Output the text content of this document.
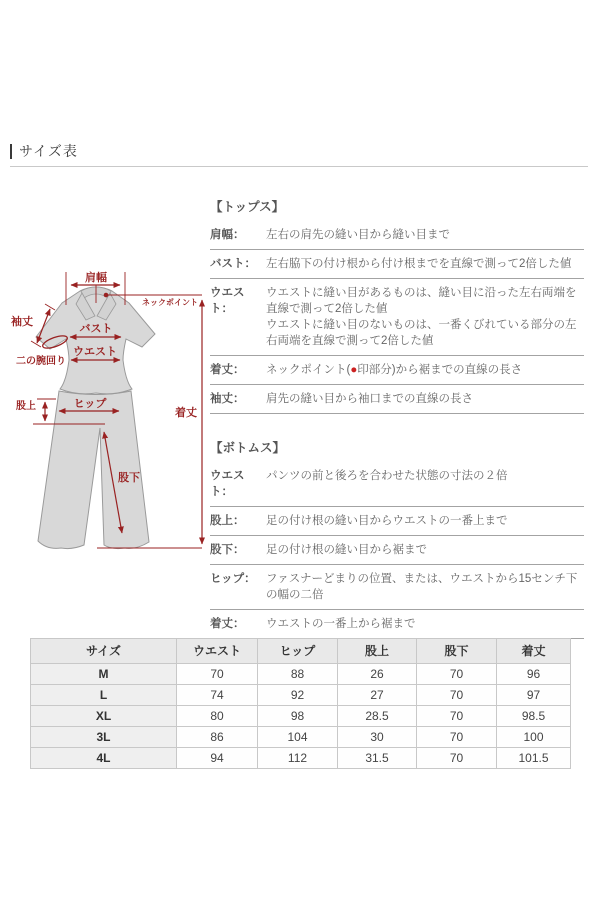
サイズ表
肩幅
ネックポイント
袖丈
二の腕回り
バスト
ウエスト
股上	ヒップ
股下
着丈

【トップス】

肩幅：	左右の肩先の縫い目から縫い目まで
バスト： 左右脇下の付け根から付け根までを直線で測って2倍した値
ウエスト：
ウエストに縫い目があるものは、縫い目に沿った左右両端を直線で測って2倍した値
ウエストに縫い目のないものは、一番くびれている部分の左右両端を直線で測って2倍した値
着丈：	ネックポイント(●印部分)から裾までの直線の長さ
袖丈：	肩先の縫い目から袖口までの直線の長さ

【ボトムス】

ウエスト：
パンツの前と後ろを合わせた状態の寸法の２倍
股上：	足の付け根の縫い目からウエストの一番上まで
股下：	足の付け根の縫い目から裾まで
ヒップ： ファスナーどまりの位置、または、ウエストから15センチ下の幅の二倍
着丈：	ウエストの一番上から裾まで
サイズ	ウエスト	ヒップ	股上	股下	着丈
M	70	88	26	70	96
L	74	92	27	70	97
XL	80	98	28.5	70	98.5
3L	86	104	30	70	100
4L	94	112	31.5	70	101.5
